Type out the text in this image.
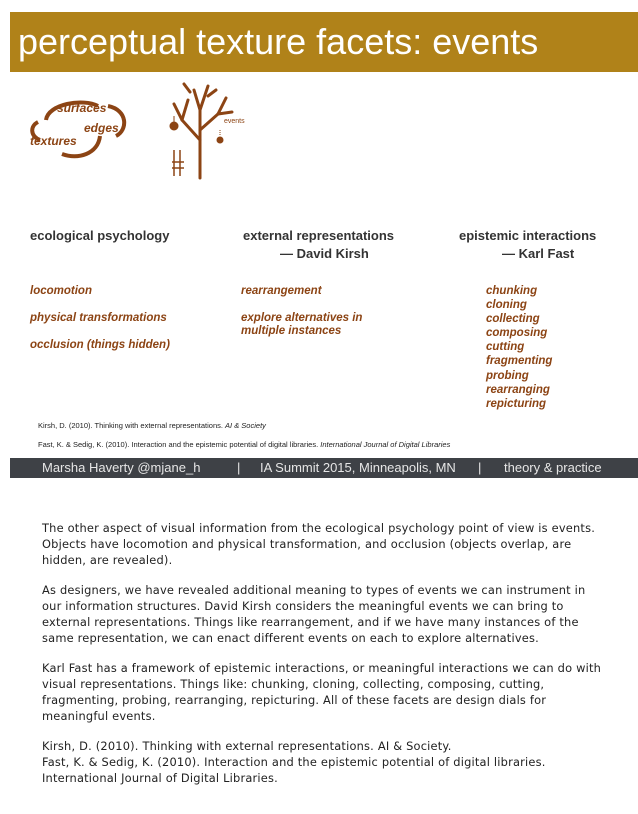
perceptual texture facets: events
surfaces
edges
textures
events
ecological psychology	external representations
— David Kirsh
epistemic interactions
— Karl Fast
locomotion
physical transformations
occlusion (things hidden)
rearrangement
explore alternatives in
multiple instances
chunking
cloning
collecting
composing
cutting
fragmenting
probing
rearranging
repicturing
Kirsh, D. (2010). Thinking with external representations. AI & Society
Fast, K. & Sedig, K. (2010). Interaction and the epistemic potential of digital libraries. International Journal of Digital Libraries
Marsha Haverty @mjane_h	| IA Summit 2015, Minneapolis, MN | theory & practice

The other aspect of visual information from the ecological psychology point of view is events. Objects have locomotion and physical transformation, and occlusion (objects overlap, are hidden, are revealed).

As designers, we have revealed additional meaning to types of events we can instrument in our information structures. David Kirsh considers the meaningful events we can bring to external representations. Things like rearrangement, and if we have many instances of the same representation, we can enact different events on each to explore alternatives.

Karl Fast has a framework of epistemic interactions, or meaningful interactions we can do with visual representations. Things like: chunking, cloning, collecting, composing, cutting, fragmenting, probing, rearranging, repicturing. All of these facets are design dials for meaningful events.

Kirsh, D. (2010). Thinking with external representations. AI & Society.
Fast, K. & Sedig, K. (2010). Interaction and the epistemic potential of digital libraries.
International Journal of Digital Libraries.
